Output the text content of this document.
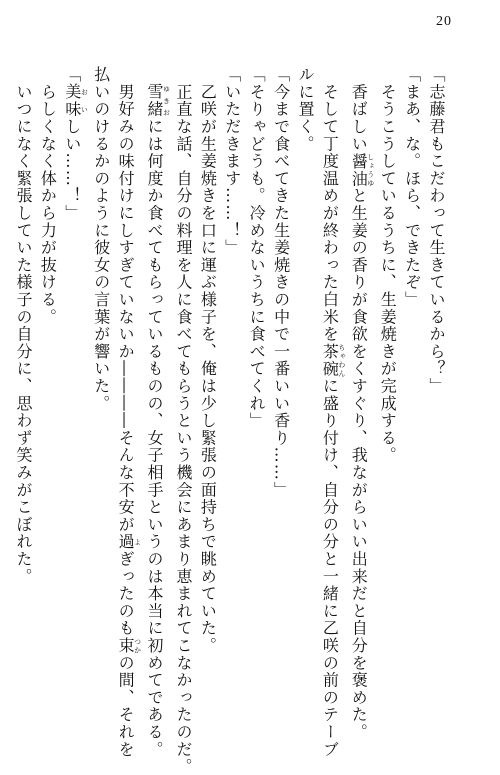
20
「志藤君もこだわって生きているから？」
「まあ、な。ほら、できたぞ」
　そうこうしているうちに、生姜焼きが完成する。
　香ばしい醤油しょうゆと生姜の香りが食欲をくすぐり、我ながらいい出来だと自分を褒めた。
　そして丁度温めが終わった白米を茶碗ちゃわんに盛り付け、自分の分と一緒に乙咲の前のテーブ
ルに置く。
「今まで食べてきた生姜焼きの中で一番いい香り……」
「そりゃどうも。冷めないうちに食べてくれ」
「いただきます……！」
　乙咲が生姜焼きを口に運ぶ様子を、俺は少し緊張の面持ちで眺めていた。
　正直な話、自分の料理を人に食べてもらうという機会にあまり恵まれてこなかったのだ。
　雪緒ゆきおには何度か食べてもらっているものの、女子相手というのは本当に初めてである。
　男好みの味付けにしすぎていないか――――そんな不安が過よぎったのも束つかの間、それを
払いのけるかのように彼女の言葉が響いた。
「美味おいしい……！」
　らしくなく体から力が抜ける。
　いつになく緊張していた様子の自分に、思わず笑みがこぼれた。
